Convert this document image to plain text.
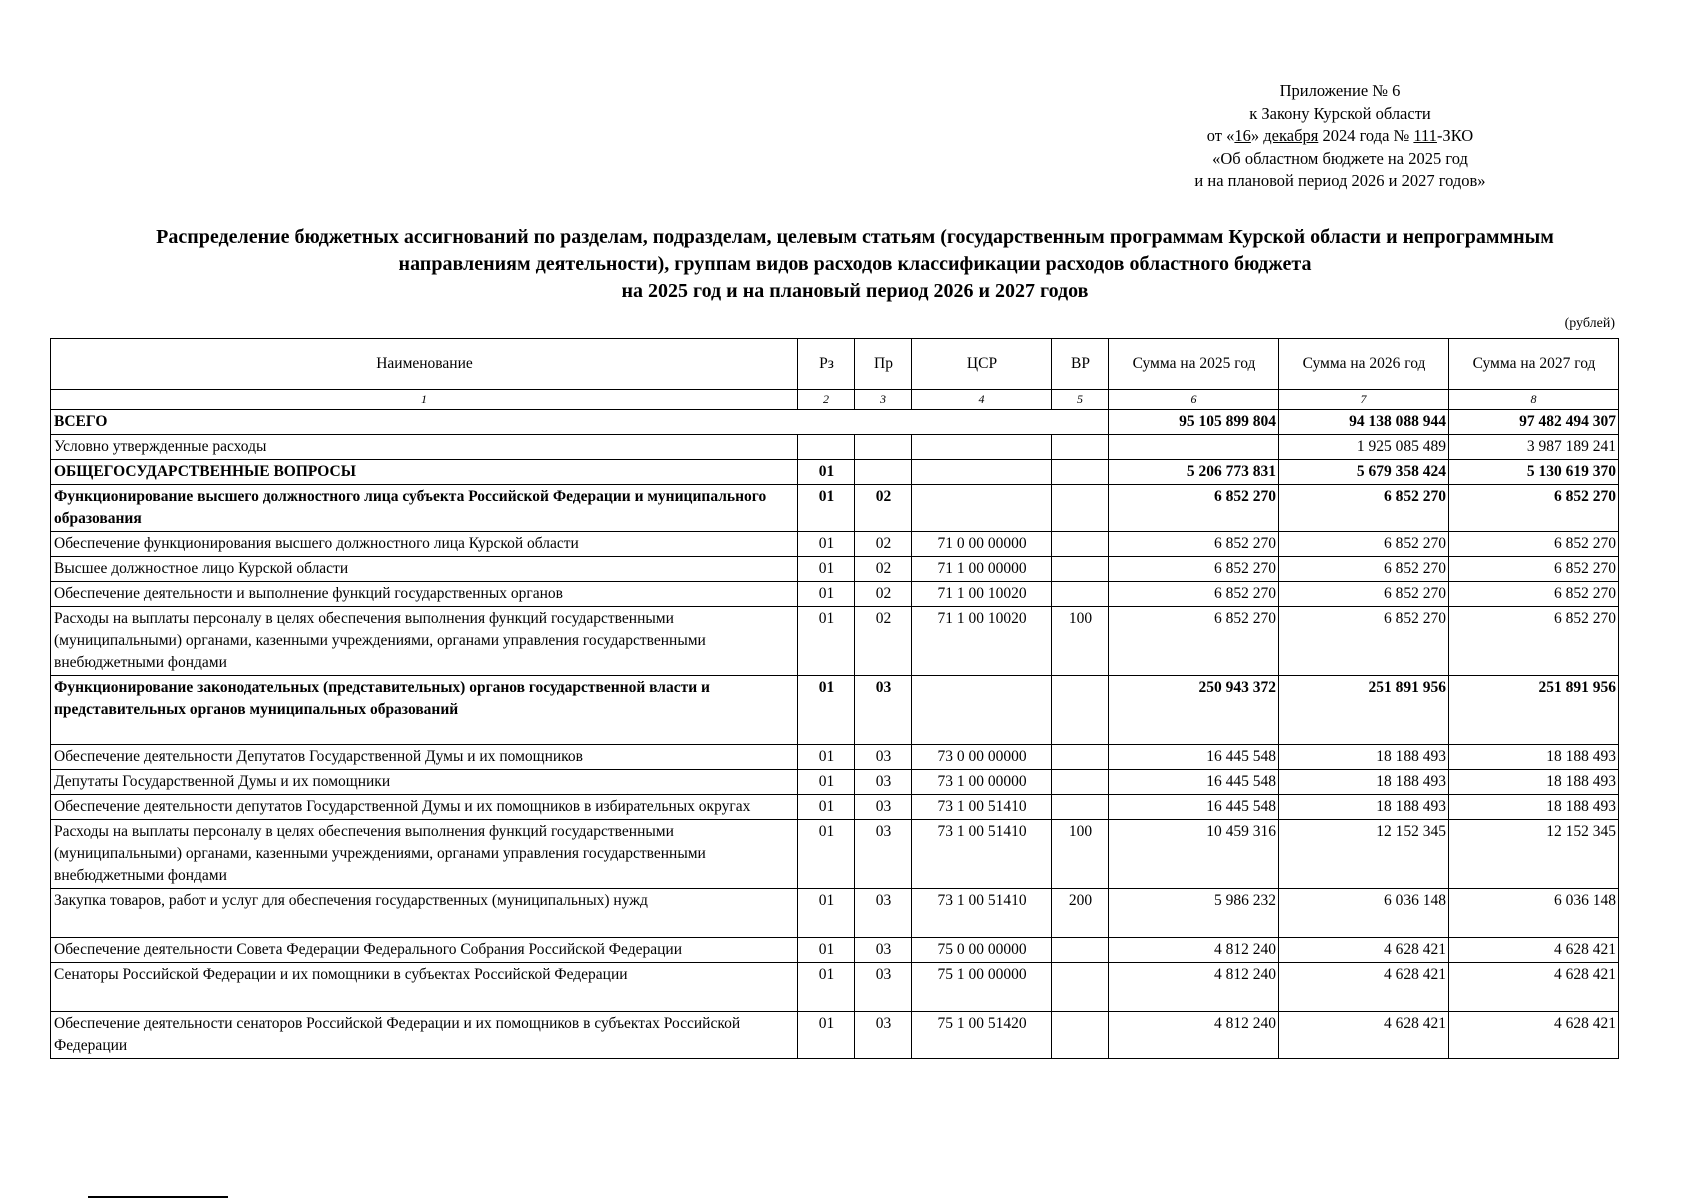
Приложение № 6
к Закону Курской области
от «16» декабря 2024 года № 111-ЗКО
«Об областном бюджете на 2025 год
и на плановой период 2026 и 2027 годов»
Распределение бюджетных ассигнований по разделам, подразделам, целевым статьям (государственным программам Курской области и непрограммным
направлениям деятельности), группам видов расходов классификации расходов областного бюджета
на 2025 год и на плановый период 2026 и 2027 годов
(рублей)
Наименование	Рз	Пр	ЦСР	ВР	Сумма на 2025 год	Сумма на 2026 год	Сумма на 2027 год
1	2	3	4	5	6	7	8
ВСЕГО					95 105 899 804	94 138 088 944	97 482 494 307
Условно утвержденные расходы						1 925 085 489	3 987 189 241
ОБЩЕГОСУДАРСТВЕННЫЕ ВОПРОСЫ	01				5 206 773 831	5 679 358 424	5 130 619 370
Функционирование высшего должностного лица субъекта Российской Федерации и муниципального образования	01	02			6 852 270	6 852 270	6 852 270
Обеспечение функционирования высшего должностного лица Курской области	01	02	71 0 00 00000		6 852 270	6 852 270	6 852 270
Высшее должностное лицо Курской области	01	02	71 1 00 00000		6 852 270	6 852 270	6 852 270
Обеспечение деятельности и выполнение функций государственных органов	01	02	71 1 00 10020		6 852 270	6 852 270	6 852 270
Расходы на выплаты персоналу в целях обеспечения выполнения функций государственными (муниципальными) органами, казенными учреждениями, органами управления государственными внебюджетными фондами	01	02	71 1 00 10020	100	6 852 270	6 852 270	6 852 270
Функционирование законодательных (представительных) органов государственной власти и представительных органов муниципальных образований	01	03			250 943 372	251 891 956	251 891 956
Обеспечение деятельности Депутатов Государственной Думы и их помощников	01	03	73 0 00 00000		16 445 548	18 188 493	18 188 493
Депутаты Государственной Думы и их помощники	01	03	73 1 00 00000		16 445 548	18 188 493	18 188 493
Обеспечение деятельности депутатов Государственной Думы и их помощников в избирательных округах	01	03	73 1 00 51410		16 445 548	18 188 493	18 188 493
Расходы на выплаты персоналу в целях обеспечения выполнения функций государственными (муниципальными) органами, казенными учреждениями, органами управления государственными внебюджетными фондами	01	03	73 1 00 51410	100	10 459 316	12 152 345	12 152 345
Закупка товаров, работ и услуг для обеспечения государственных (муниципальных) нужд	01	03	73 1 00 51410	200	5 986 232	6 036 148	6 036 148
Обеспечение деятельности Совета Федерации Федерального Собрания Российской Федерации	01	03	75 0 00 00000		4 812 240	4 628 421	4 628 421
Сенаторы Российской Федерации и их помощники в субъектах Российской Федерации	01	03	75 1 00 00000		4 812 240	4 628 421	4 628 421
Обеспечение деятельности сенаторов Российской Федерации и их помощников в субъектах Российской Федерации	01	03	75 1 00 51420		4 812 240	4 628 421	4 628 421
